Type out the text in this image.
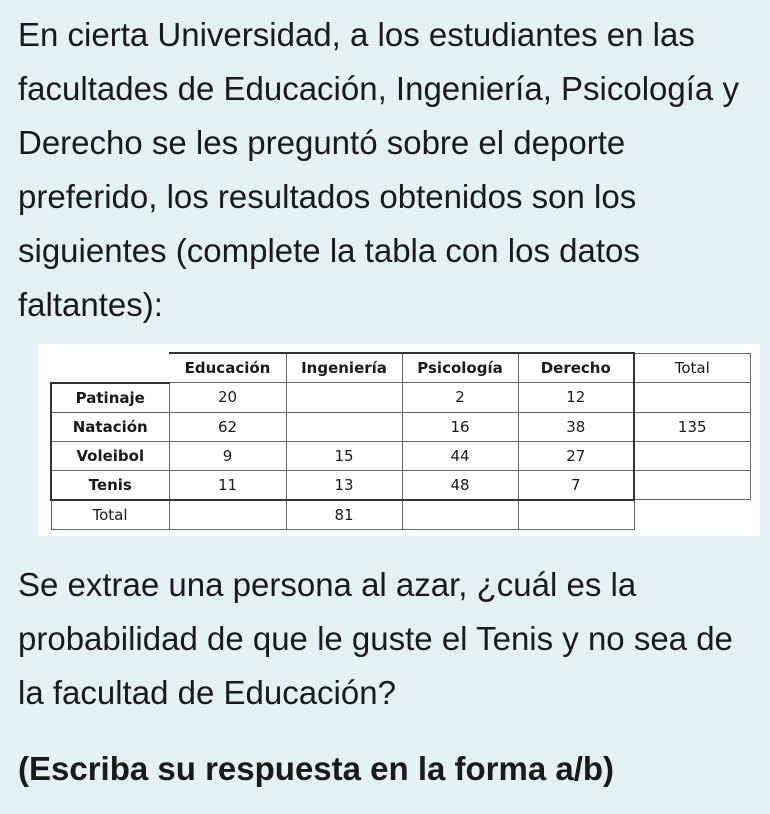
En cierta Universidad, a los estudiantes en las facultades de Educación, Ingeniería, Psicología y Derecho se les preguntó sobre el deporte preferido, los resultados obtenidos son los siguientes (complete la tabla con los datos faltantes):

	Educación	Ingeniería	Psicología	Derecho	Total
Patinaje	20		2	12	
Natación	62		16	38	135
Voleibol	9	15	44	27	
Tenis	11	13	48	7	
Total		81			

Se extrae una persona al azar, ¿cuál es la probabilidad de que le guste el Tenis y no sea de la facultad de Educación?

(Escriba su respuesta en la forma a/b)
